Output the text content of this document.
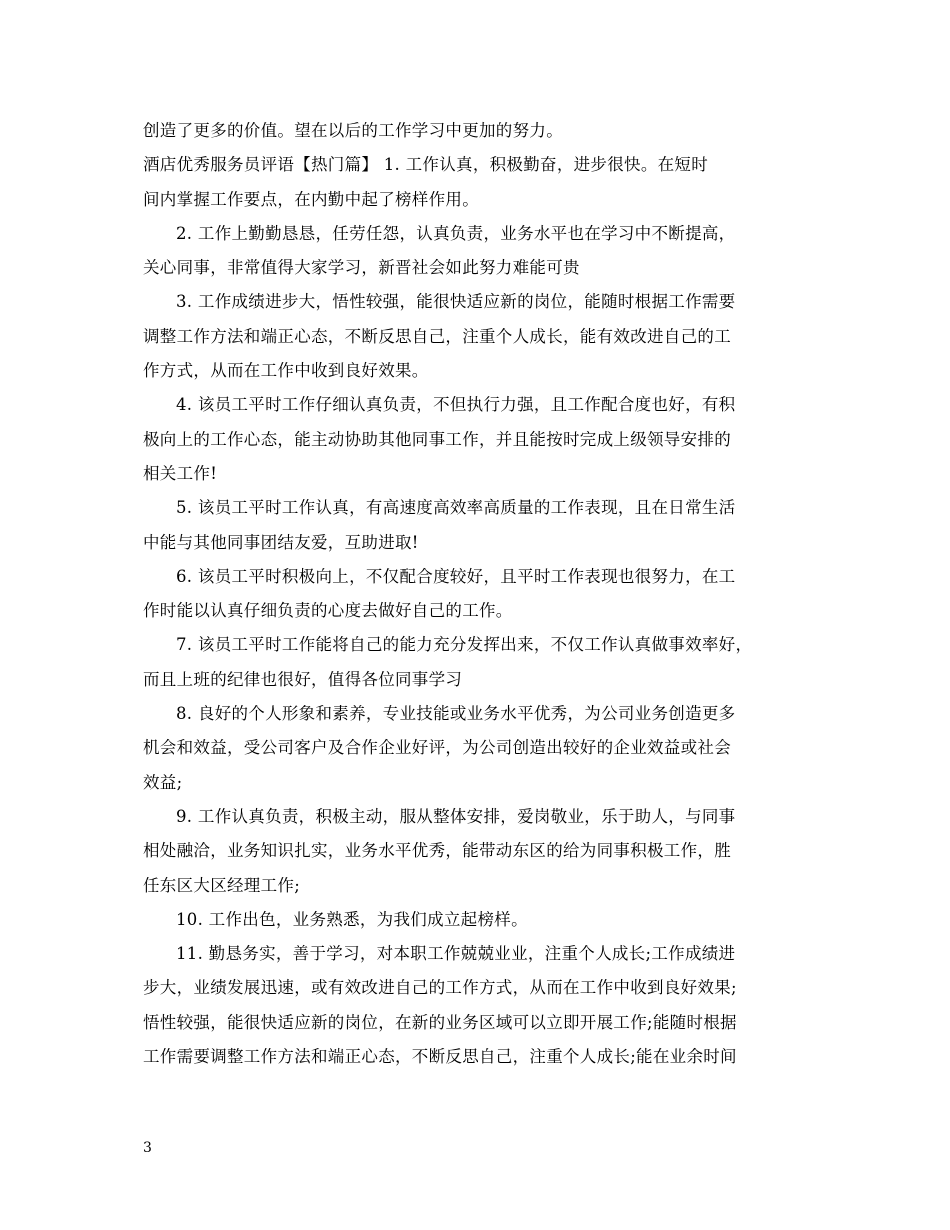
创造了更多的价值。望在以后的工作学习中更加的努力。
酒店优秀服务员评语【热门篇】 1. 工作认真，积极勤奋，进步很快。在短时
间内掌握工作要点，在内勤中起了榜样作用。
2. 工作上勤勤恳恳，任劳任怨，认真负责，业务水平也在学习中不断提高，
关心同事，非常值得大家学习，新晋社会如此努力难能可贵
3. 工作成绩进步大，悟性较强，能很快适应新的岗位，能随时根据工作需要
调整工作方法和端正心态，不断反思自己，注重个人成长，能有效改进自己的工
作方式，从而在工作中收到良好效果。
4. 该员工平时工作仔细认真负责，不但执行力强，且工作配合度也好，有积
极向上的工作心态，能主动协助其他同事工作，并且能按时完成上级领导安排的
相关工作!
5. 该员工平时工作认真，有高速度高效率高质量的工作表现，且在日常生活
中能与其他同事团结友爱，互助进取!
6. 该员工平时积极向上，不仅配合度较好，且平时工作表现也很努力，在工
作时能以认真仔细负责的心度去做好自己的工作。
7. 该员工平时工作能将自己的能力充分发挥出来，不仅工作认真做事效率好，
而且上班的纪律也很好，值得各位同事学习
8. 良好的个人形象和素养，专业技能或业务水平优秀，为公司业务创造更多
机会和效益，受公司客户及合作企业好评，为公司创造出较好的企业效益或社会
效益;
9. 工作认真负责，积极主动，服从整体安排，爱岗敬业，乐于助人，与同事
相处融洽，业务知识扎实，业务水平优秀，能带动东区的给为同事积极工作，胜
任东区大区经理工作;
10. 工作出色，业务熟悉，为我们成立起榜样。
11. 勤恳务实，善于学习，对本职工作兢兢业业，注重个人成长;工作成绩进
步大，业绩发展迅速，或有效改进自己的工作方式，从而在工作中收到良好效果;
悟性较强，能很快适应新的岗位，在新的业务区域可以立即开展工作;能随时根据
工作需要调整工作方法和端正心态，不断反思自己，注重个人成长;能在业余时间
3
